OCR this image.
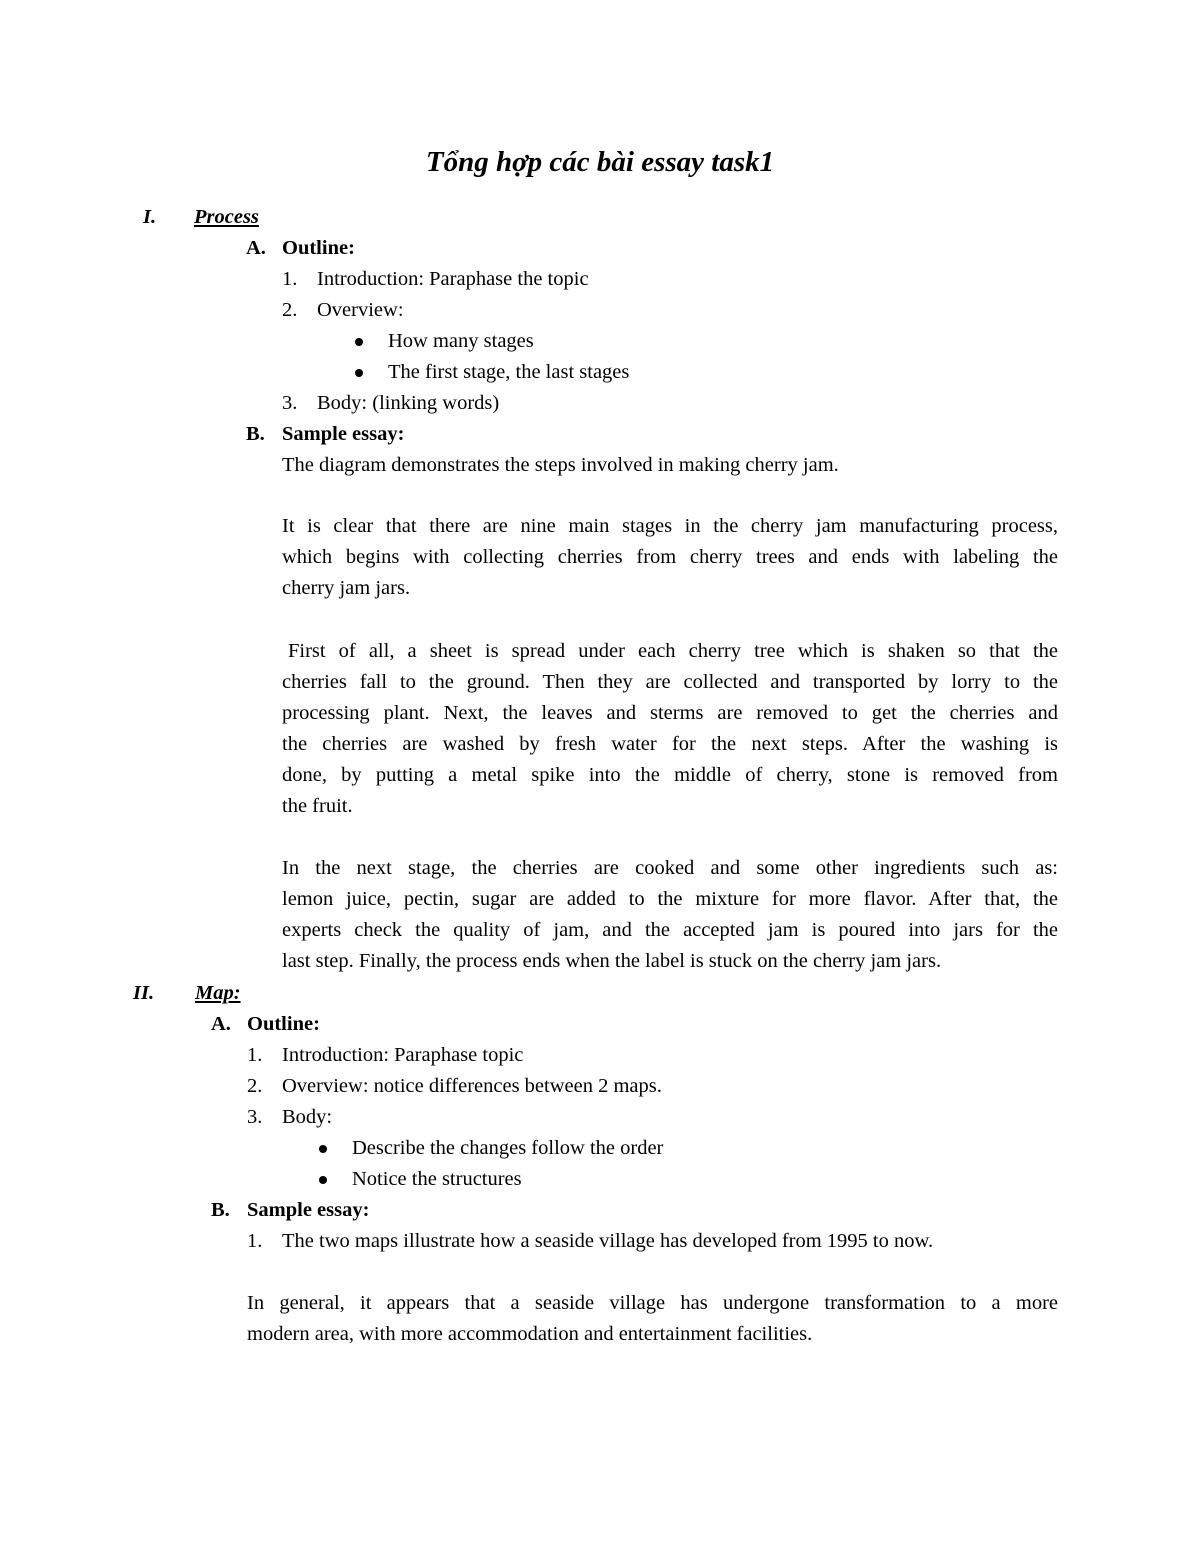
Tổng hợp các bài essay task1
I. Process
A. Outline:
1. Introduction: Paraphase the topic
2. Overview:
How many stages
The first stage, the last stages
3. Body: (linking words)
B. Sample essay:
The diagram demonstrates the steps involved in making cherry jam.
It is clear that there are nine main stages in the cherry jam manufacturing process,
which begins with collecting cherries from cherry trees and ends with labeling the
cherry jam jars.
First of all, a sheet is spread under each cherry tree which is shaken so that the
cherries fall to the ground. Then they are collected and transported by lorry to the
processing plant. Next, the leaves and sterms are removed to get the cherries and
the cherries are washed by fresh water for the next steps. After the washing is
done, by putting a metal spike into the middle of cherry, stone is removed from
the fruit.
In the next stage, the cherries are cooked and some other ingredients such as:
lemon juice, pectin, sugar are added to the mixture for more flavor. After that, the
experts check the quality of jam, and the accepted jam is poured into jars for the
last step. Finally, the process ends when the label is stuck on the cherry jam jars.
II. Map:
A. Outline:
1. Introduction: Paraphase topic
2. Overview: notice differences between 2 maps.
3. Body:
Describe the changes follow the order
Notice the structures
B. Sample essay:
1. The two maps illustrate how a seaside village has developed from 1995 to now.
In general, it appears that a seaside village has undergone transformation to a more
modern area, with more accommodation and entertainment facilities.
